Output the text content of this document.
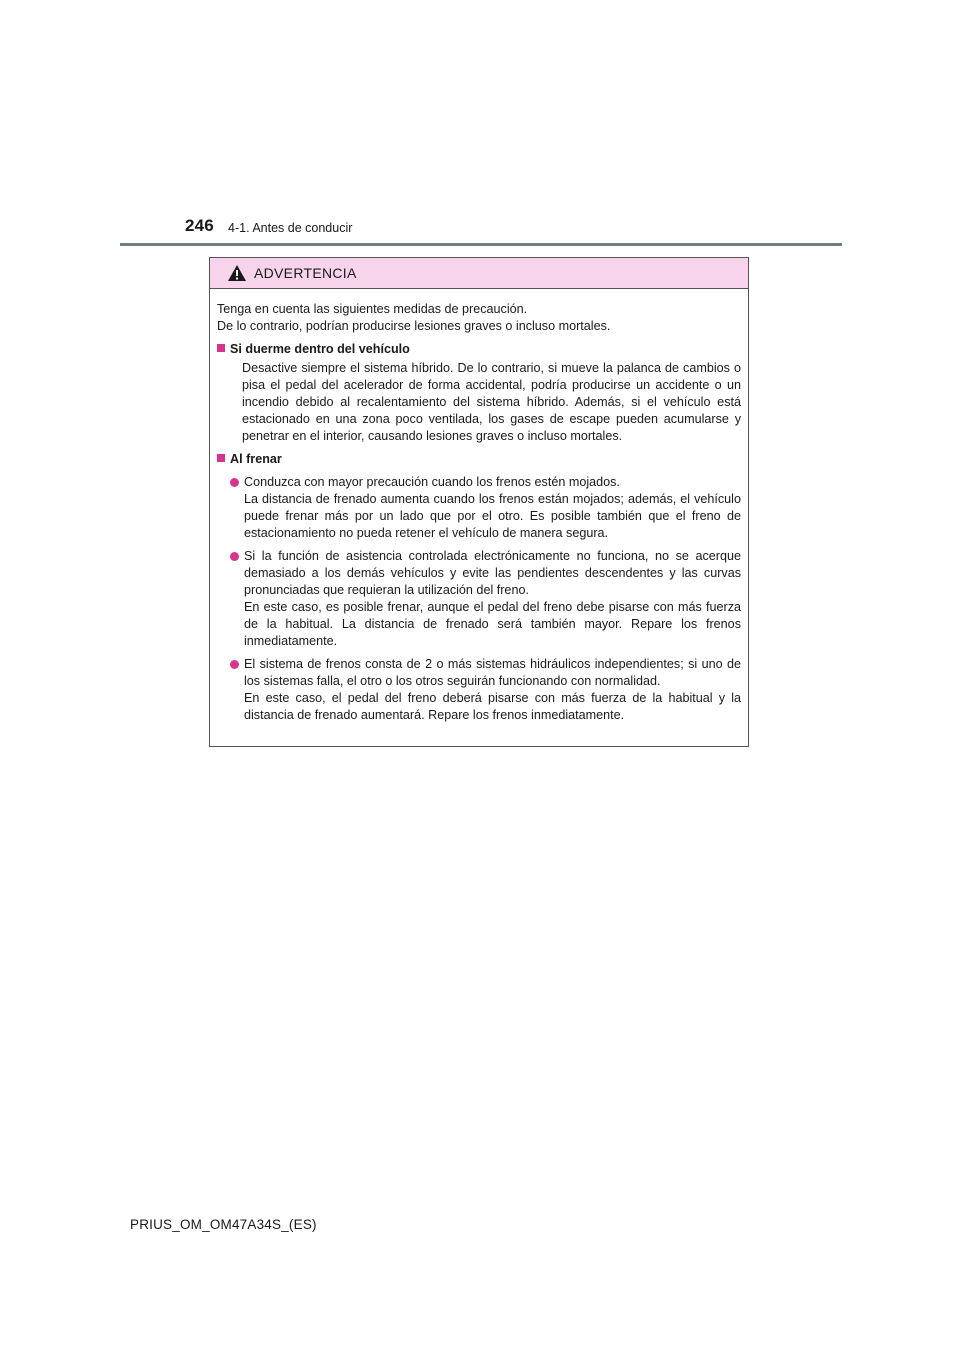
246 4-1. Antes de conducir
ADVERTENCIA
Tenga en cuenta las siguientes medidas de precaución.
De lo contrario, podrían producirse lesiones graves o incluso mortales.
Si duerme dentro del vehículo
Desactive siempre el sistema híbrido. De lo contrario, si mueve la palanca de cambios o pisa el pedal del acelerador de forma accidental, podría producirse un accidente o un incendio debido al recalentamiento del sistema híbrido. Además, si el vehículo está estacionado en una zona poco ventilada, los gases de escape pueden acumularse y penetrar en el interior, causando lesiones graves o incluso mortales.
Al frenar
Conduzca con mayor precaución cuando los frenos estén mojados.
La distancia de frenado aumenta cuando los frenos están mojados; además, el vehículo puede frenar más por un lado que por el otro. Es posible también que el freno de estacionamiento no pueda retener el vehículo de manera segura.
Si la función de asistencia controlada electrónicamente no funciona, no se acerque demasiado a los demás vehículos y evite las pendientes descendentes y las curvas pronunciadas que requieran la utilización del freno.
En este caso, es posible frenar, aunque el pedal del freno debe pisarse con más fuerza de la habitual. La distancia de frenado será también mayor. Repare los frenos inmediatamente.
El sistema de frenos consta de 2 o más sistemas hidráulicos independientes; si uno de los sistemas falla, el otro o los otros seguirán funcionando con normalidad.
En este caso, el pedal del freno deberá pisarse con más fuerza de la habitual y la distancia de frenado aumentará. Repare los frenos inmediatamente.
PRIUS_OM_OM47A34S_(ES)
